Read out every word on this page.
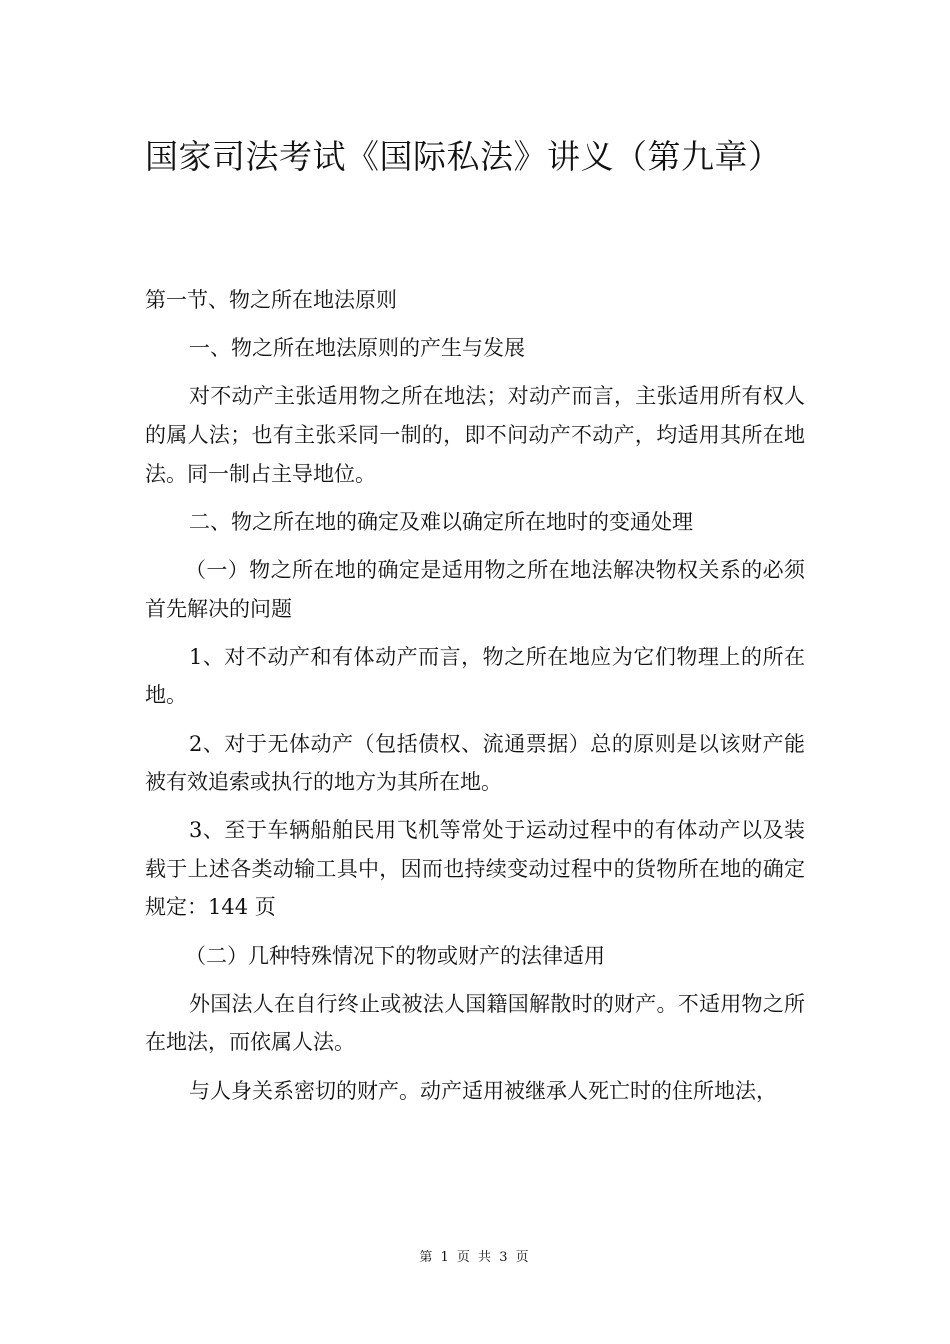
国家司法考试《国际私法》讲义（第九章）

第一节、物之所在地法原则

一、物之所在地法原则的产生与发展

对不动产主张适用物之所在地法；对动产而言，主张适用所有权人的属人法；也有主张采同一制的，即不问动产不动产，均适用其所在地法。同一制占主导地位。

二、物之所在地的确定及难以确定所在地时的变通处理

（一）物之所在地的确定是适用物之所在地法解决物权关系的必须首先解决的问题

1、对不动产和有体动产而言，物之所在地应为它们物理上的所在地。

2、对于无体动产（包括债权、流通票据）总的原则是以该财产能被有效追索或执行的地方为其所在地。

3、至于车辆船舶民用飞机等常处于运动过程中的有体动产以及装载于上述各类动输工具中，因而也持续变动过程中的货物所在地的确定规定：144 页

（二）几种特殊情况下的物或财产的法律适用

外国法人在自行终止或被法人国籍国解散时的财产。不适用物之所在地法，而依属人法。

与人身关系密切的财产。动产适用被继承人死亡时的住所地法，

第 1 页 共 3 页
